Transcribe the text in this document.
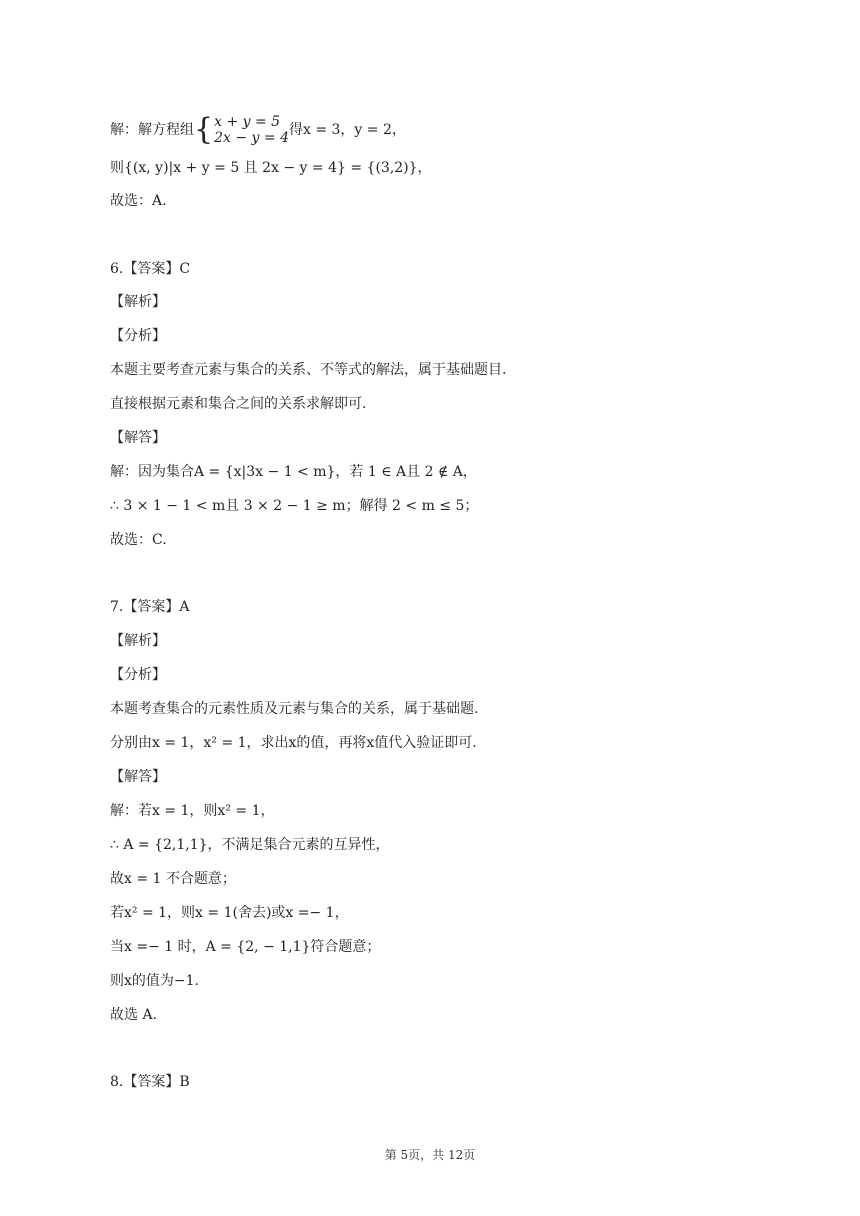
解：解方程组{ x + y = 5
2x − y = 4 得x = 3，y = 2，
则{(x, y)|x + y = 5 且 2x − y = 4} = {(3,2)}，
故选：A.
6.【答案】C
【解析】
【分析】
本题主要考查元素与集合的关系、不等式的解法，属于基础题目.
直接根据元素和集合之间的关系求解即可.
【解答】
解：因为集合A = {x|3x − 1 < m}，若 1 ∈ A且 2 ∉ A，
∴ 3 × 1 − 1 < m且 3 × 2 − 1 ≥ m；解得 2 < m ≤ 5；
故选：C.
7.【答案】A
【解析】
【分析】
本题考查集合的元素性质及元素与集合的关系，属于基础题.
分别由x = 1，x² = 1，求出x的值，再将x值代入验证即可.
【解答】
解：若x = 1，则x² = 1，
∴ A = {2,1,1}，不满足集合元素的互异性，
故x = 1 不合题意；
若x² = 1，则x = 1(舍去)或x =− 1，
当x =− 1 时，A = {2, − 1,1}符合题意；
则x的值为−1.
故选 A.
8.【答案】B
第 5页，共 12页
